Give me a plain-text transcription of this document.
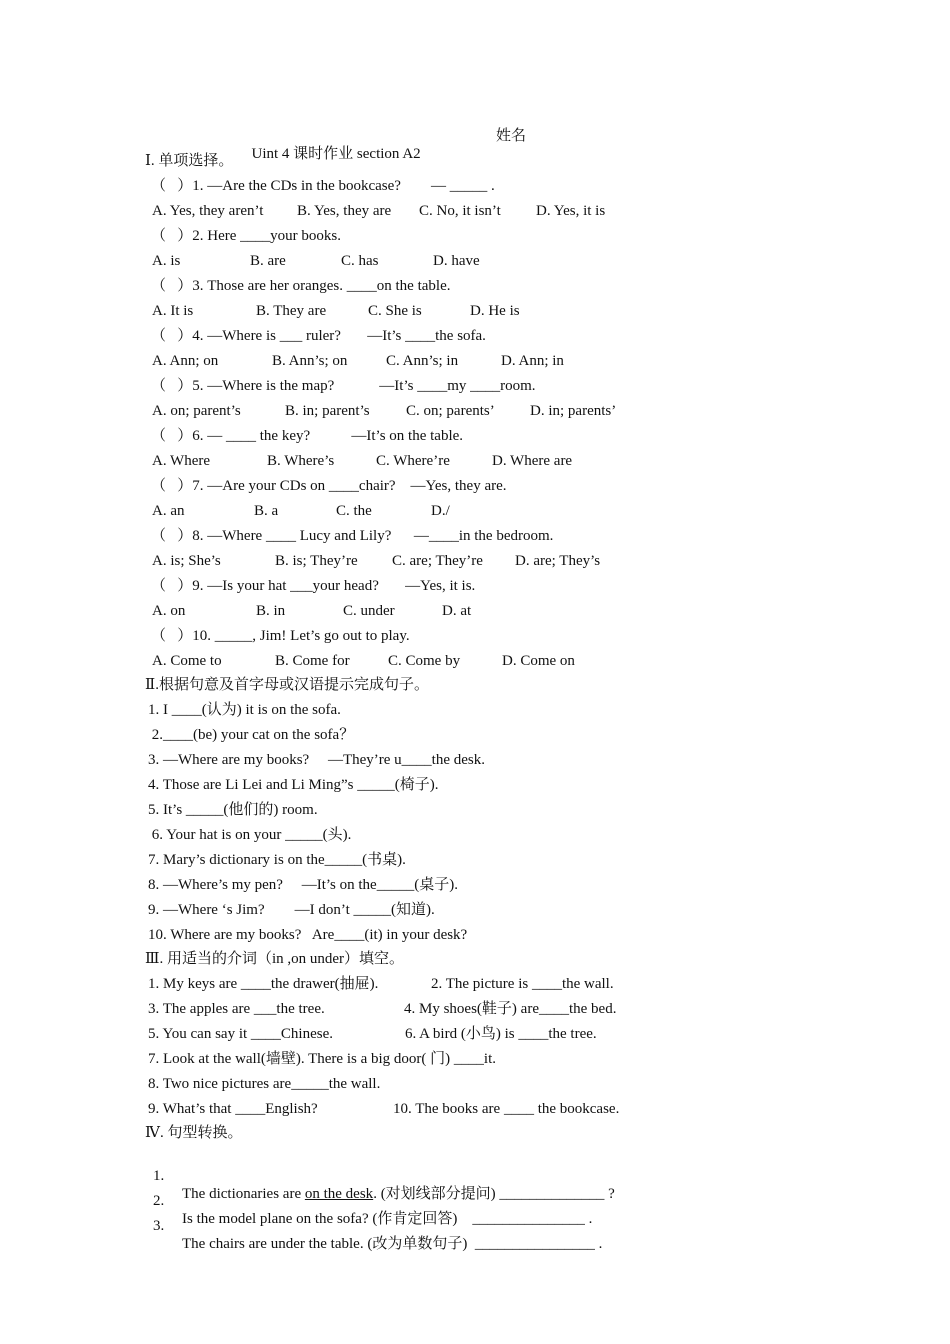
Uint 4 课时作业 section A2

姓名

Ⅰ. 单项选择。
（   ）1. —Are the CDs in the bookcase?        — _____ .

A. Yes, they aren’t

B. Yes, they are

C. No, it isn’t

D. Yes, it is

（   ）2. Here ____your books.

A. is

	B. are

	C. has

	D. have

（   ）3. Those are her oranges. ____on the table.

A. It is

	B. They are

	C. She is

	D. He is

（   ）4. —Where is ___ ruler?       —It’s ____the sofa.

A. Ann; on

	B. Ann’s; on

	C. Ann’s; in

	D. Ann; in

（   ）5. —Where is the map?            —It’s ____my ____room.

A. on; parent’s

	B. in; parent’s

C. on; parents’

D. in; parents’

（   ）6. — ____ the key?           —It’s on the table.

A. Where

	B. Where’s

	C. Where’re

	D. Where are

（   ）7. —Are your CDs on ____chair?    —Yes, they are.

A. an

	B. a

	C. the

	D./

（   ）8. —Where ____ Lucy and Lily?      —____in the bedroom.

A. is; She’s

	B. is; They’re

C. are; They’re

D. are; They’s

（   ）9. —Is your hat ___your head?       —Yes, it is.

A. on

	B. in

	C. under

	D. at

（   ）10. _____, Jim! Let’s go out to play.

A. Come to

	B. Come for

	C. Come by

	D. Come on

Ⅱ.根据句意及首字母或汉语提示完成句子。
1. I ____(认为) it is on the sofa.
2.____(be) your cat on the sofa？
3. —Where are my books?     —They’re u____the desk.
4. Those are Li Lei and Li Ming”s _____(椅子).
5. It’s _____(他们的) room.
6. Your hat is on your _____(头).
7. Mary’s dictionary is on the_____(书桌).
8. —Where’s my pen?     —It’s on the_____(桌子).
9. —Where ‘s Jim?        —I don’t _____(知道).
10. Where are my books?   Are____(it) in your desk?
Ⅲ. 用适当的介词（in ,on under）填空。

1. My keys are ____the drawer(抽屉).

	2. The picture is ____the wall.

3. The apples are ___the tree.

	4. My shoes(鞋子) are____the bed.

5. You can say it ____Chinese.

	6. A bird (小鸟) is ____the tree.

7. Look at the wall(墙壁). There is a big door( 门) ____it.
8. Two nice pictures are_____the wall.

9. What’s that ____English?

	10. The books are ____ the bookcase.

Ⅳ. 句型转换。

1.

The dictionaries are on the desk. (对划线部分提问) ______________ ?

2.

Is the model plane on the sofa? (作肯定回答)    _______________ .

3.

The chairs are under the table. (改为单数句子)  ________________ .
